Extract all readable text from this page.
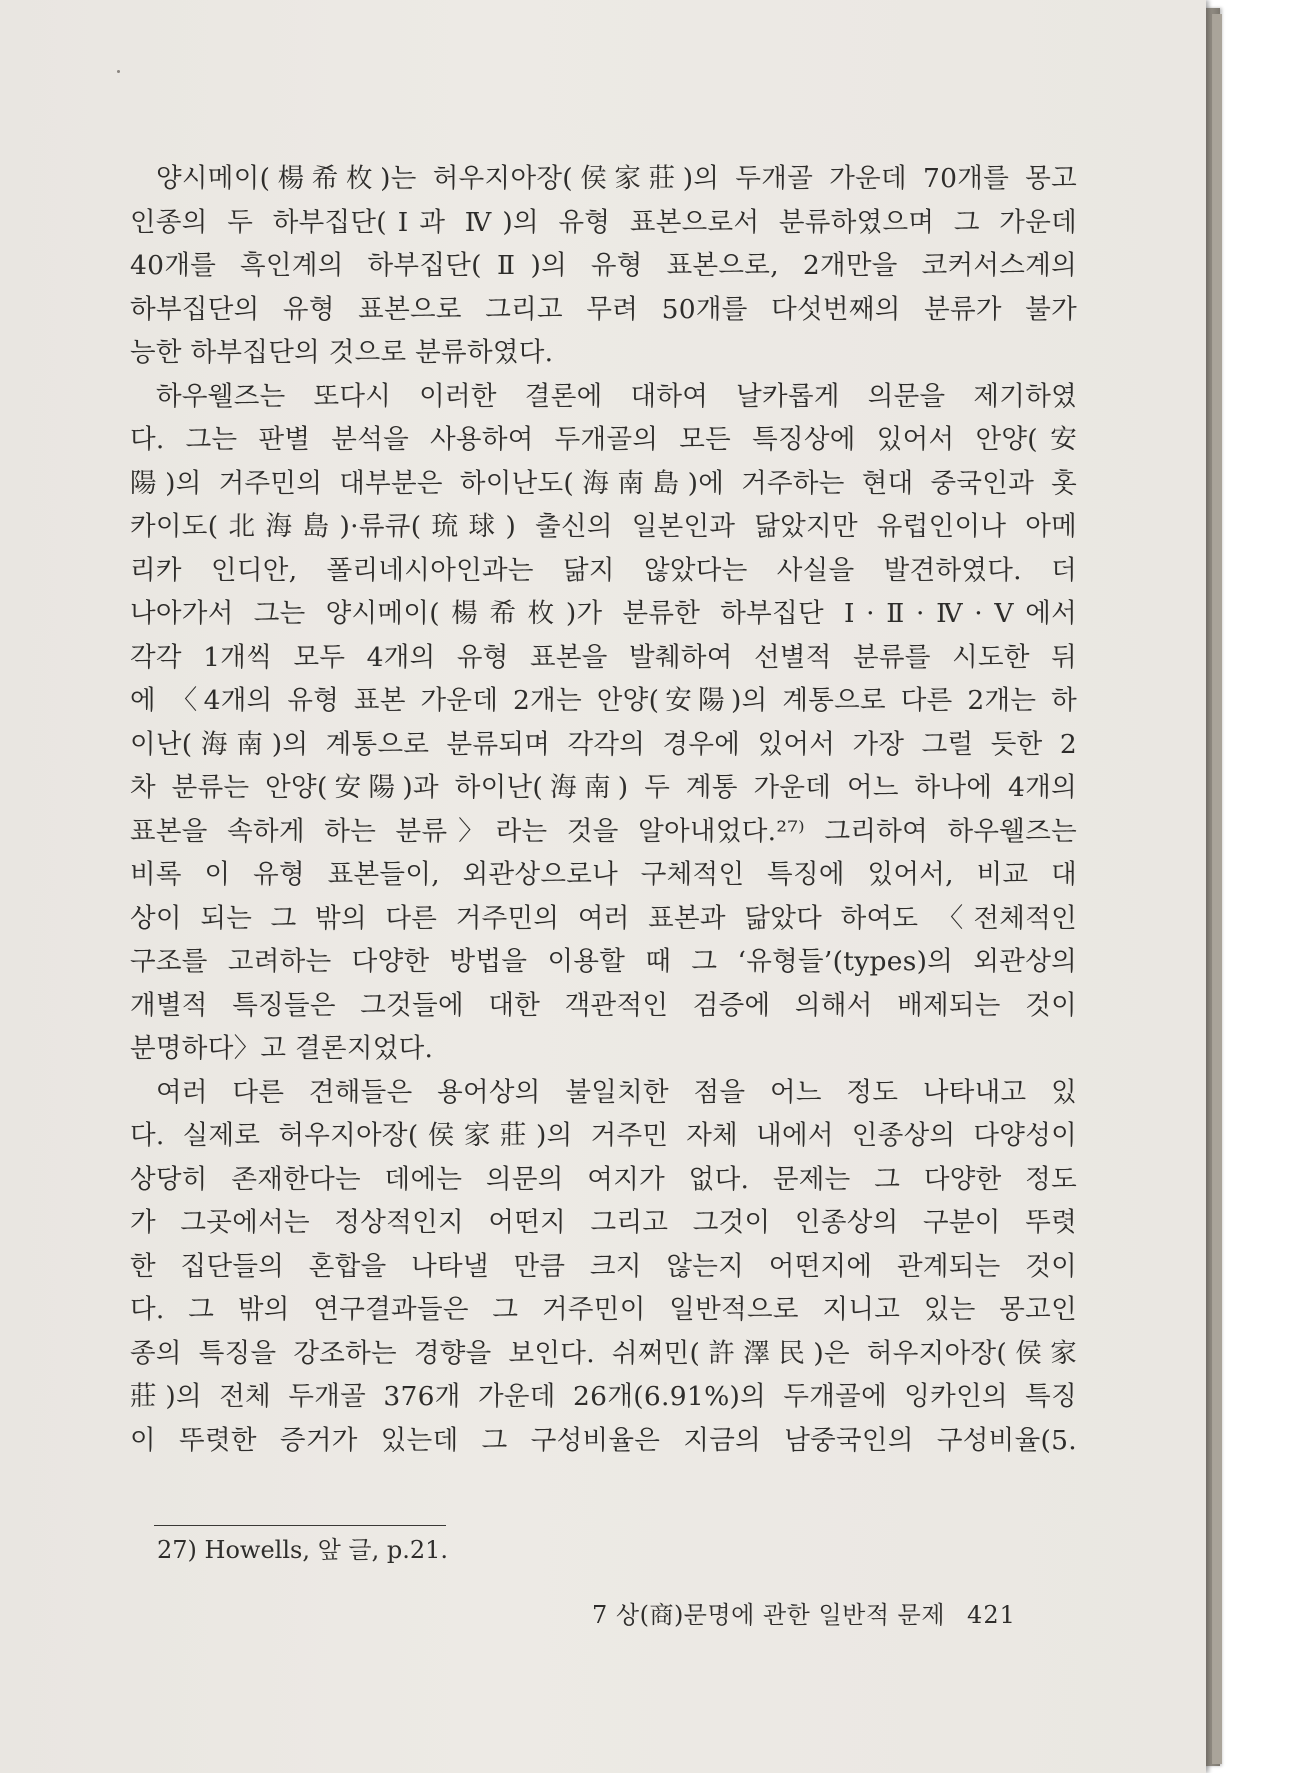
양시메이(楊希枚)는 허우지아장(侯家莊)의 두개골 가운데 70개를 몽고
인종의 두 하부집단(Ⅰ과 Ⅳ)의 유형 표본으로서 분류하였으며 그 가운데
40개를 흑인계의 하부집단(Ⅱ)의 유형 표본으로, 2개만을 코커서스계의
하부집단의 유형 표본으로 그리고 무려 50개를 다섯번째의 분류가 불가
능한 하부집단의 것으로 분류하였다.
하우웰즈는 또다시 이러한 결론에 대하여 날카롭게 의문을 제기하였
다. 그는 판별 분석을 사용하여 두개골의 모든 특징상에 있어서 안양(安
陽)의 거주민의 대부분은 하이난도(海南島)에 거주하는 현대 중국인과 홋
카이도(北海島)·류큐(琉球) 출신의 일본인과 닮았지만 유럽인이나 아메
리카 인디안, 폴리네시아인과는 닮지 않았다는 사실을 발견하였다. 더
나아가서 그는 양시메이(楊希枚)가 분류한 하부집단 Ⅰ·Ⅱ·Ⅳ·Ⅴ에서
각각 1개씩 모두 4개의 유형 표본을 발췌하여 선별적 분류를 시도한 뒤
에 〈4개의 유형 표본 가운데 2개는 안양(安陽)의 계통으로 다른 2개는 하
이난(海南)의 계통으로 분류되며 각각의 경우에 있어서 가장 그럴 듯한 2
차 분류는 안양(安陽)과 하이난(海南) 두 계통 가운데 어느 하나에 4개의
표본을 속하게 하는 분류〉라는 것을 알아내었다.²⁷⁾ 그리하여 하우웰즈는
비록 이 유형 표본들이, 외관상으로나 구체적인 특징에 있어서, 비교 대
상이 되는 그 밖의 다른 거주민의 여러 표본과 닮았다 하여도 〈전체적인
구조를 고려하는 다양한 방법을 이용할 때 그 ‘유형들’(types)의 외관상의
개별적 특징들은 그것들에 대한 객관적인 검증에 의해서 배제되는 것이
분명하다〉고 결론지었다.
여러 다른 견해들은 용어상의 불일치한 점을 어느 정도 나타내고 있
다. 실제로 허우지아장(侯家莊)의 거주민 자체 내에서 인종상의 다양성이
상당히 존재한다는 데에는 의문의 여지가 없다. 문제는 그 다양한 정도
가 그곳에서는 정상적인지 어떤지 그리고 그것이 인종상의 구분이 뚜렷
한 집단들의 혼합을 나타낼 만큼 크지 않는지 어떤지에 관계되는 것이
다. 그 밖의 연구결과들은 그 거주민이 일반적으로 지니고 있는 몽고인
종의 특징을 강조하는 경향을 보인다. 쉬쩌민(許澤民)은 허우지아장(侯家
莊)의 전체 두개골 376개 가운데 26개(6.91%)의 두개골에 잉카인의 특징
이 뚜렷한 증거가 있는데 그 구성비율은 지금의 남중국인의 구성비율(5.
27) Howells, 앞 글, p.21.
7 상(商)문명에 관한 일반적 문제 421
